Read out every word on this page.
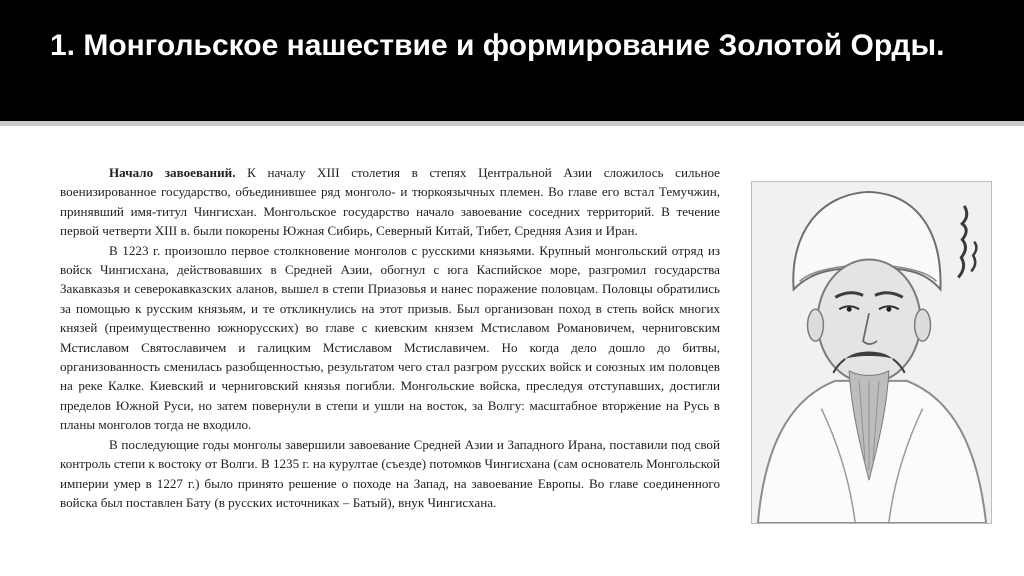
1. Монгольское нашествие и формирование Золотой Орды.

Начало завоеваний. К началу XIII столетия в степях Центральной Азии сложилось сильное военизированное государство, объединившее ряд монголо- и тюркоязычных племен. Во главе его встал Темучжин, принявший имя-титул Чингисхан. Монгольское государство начало завоевание соседних территорий. В течение первой четверти XIII в. были покорены Южная Сибирь, Северный Китай, Тибет, Средняя Азия и Иран.

В 1223 г. произошло первое столкновение монголов с русскими князьями. Крупный монгольский отряд из войск Чингисхана, действовавших в Средней Азии, обогнул с юга Каспийское море, разгромил государства Закавказья и северокавказских аланов, вышел в степи Приазовья и нанес поражение половцам. Половцы обратились за помощью к русским князьям, и те откликнулись на этот призыв. Был организован поход в степь войск многих князей (преимущественно южнорусских) во главе с киевским князем Мстиславом Романовичем, черниговским Мстиславом Святославичем и галицким Мстиславом Мстиславичем. Но когда дело дошло до битвы, организованность сменилась разобщенностью, результатом чего стал разгром русских войск и союзных им половцев на реке Калке. Киевский и черниговский князья погибли. Монгольские войска, преследуя отступавших, достигли пределов Южной Руси, но затем повернули в степи и ушли на восток, за Волгу: масштабное вторжение на Русь в планы монголов тогда не входило.

В последующие годы монголы завершили завоевание Средней Азии и Западного Ирана, поставили под свой контроль степи к востоку от Волги. В 1235 г. на курултае (съезде) потомков Чингисхана (сам основатель Монгольской империи умер в 1227 г.) было принято решение о походе на Запад, на завоевание Европы. Во главе соединенного войска был поставлен Бату (в русских источниках – Батый), внук Чингисхана.
